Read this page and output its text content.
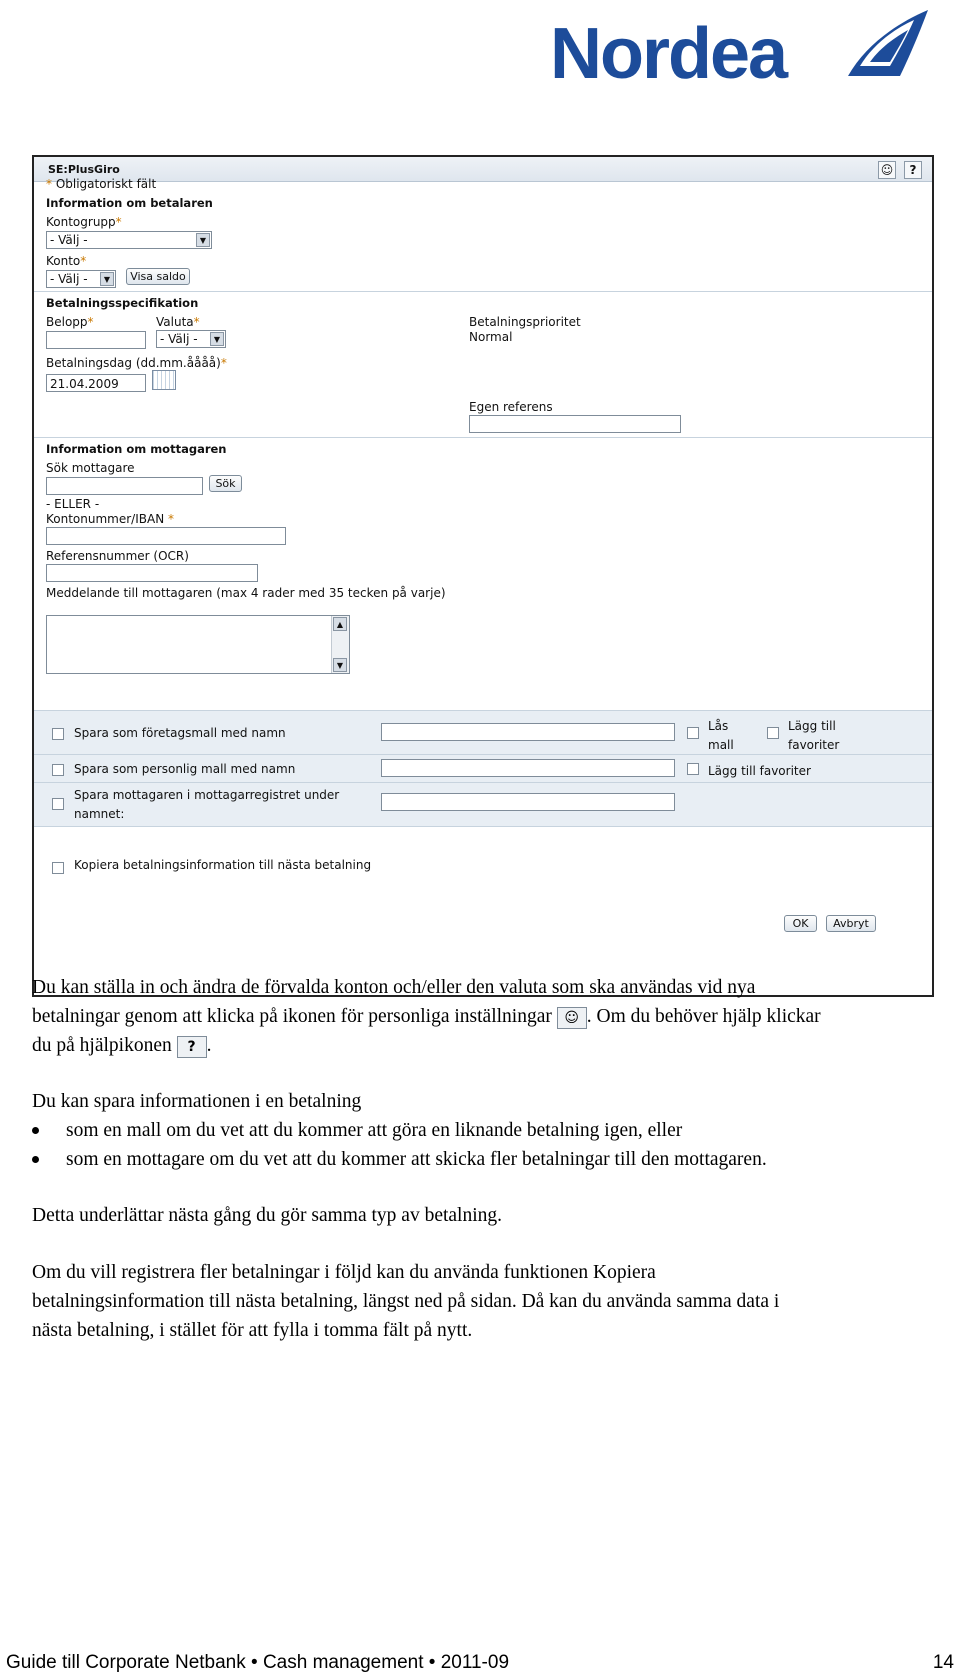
Nordea
SE:PlusGiro	☺	?
* Obligatoriskt fält
Information om betalaren
Kontogrupp*
- Välj -	▼
Konto*
- Välj -	▼	Visa saldo
Betalningsspecifikation
Belopp*	Valuta*
- Välj -	▼
Betalningsprioritet
Normal
Betalningsdag (dd.mm.åååå)*
21.04.2009
Egen referens
Information om mottagaren
Sök mottagare
Sök
- ELLER -
Kontonummer/IBAN *
Referensnummer (OCR)
Meddelande till mottagaren (max 4 rader med 35 tecken på varje)
▲
▼
Spara som företagsmall med namn	Lås mall
Lägg till favoriter
Spara som personlig mall med namn	Lägg till favoriter
Spara mottagaren i mottagarregistret under namnet:
Kopiera betalningsinformation till nästa betalning
OK	Avbryt
Du kan ställa in och ändra de förvalda konton och/eller den valuta som ska användas vid nya
betalningar genom att klicka på ikonen för personliga inställningar ☺ . Om du behöver hjälp klickar
du på hjälpikonen ? .
Du kan spara informationen i en betalning
som en mall om du vet att du kommer att göra en liknande betalning igen, eller
som en mottagare om du vet att du kommer att skicka fler betalningar till den mottagaren.
Detta underlättar nästa gång du gör samma typ av betalning.
Om du vill registrera fler betalningar i följd kan du använda funktionen Kopiera
betalningsinformation till nästa betalning, längst ned på sidan. Då kan du använda samma data i
nästa betalning, i stället för att fylla i tomma fält på nytt.
Guide till Corporate Netbank • Cash management • 2011-09	14
